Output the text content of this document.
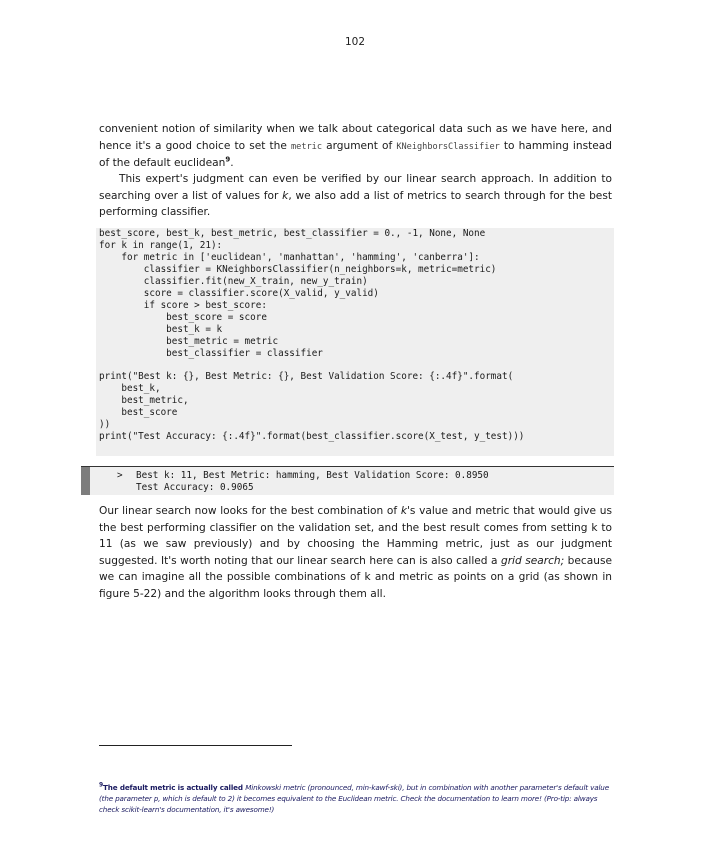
102

convenient notion of similarity when we talk about categorical data such as we have here, and hence it's a good choice to set the metric argument of KNeighborsClassifier to hamming instead of the default euclidean$^9$.

This expert's judgment can even be verified by our linear search approach. In addition to searching over a list of values for k, we also add a list of metrics to search through for the best performing classifier.

best_score, best_k, best_metric, best_classifier = 0., -1, None, None
for k in range(1, 21):
for metric in ['euclidean', 'manhattan', 'hamming', 'canberra']:
classifier = KNeighborsClassifier(n_neighbors=k, metric=metric)
classifier.fit(new_X_train, new_y_train)
score = classifier.score(X_valid, y_valid)
if score > best_score:
best_score = score
best_k = k
best_metric = metric
best_classifier = classifier

print("Best k: {}, Best Metric: {}, Best Validation Score: {:.4f}".format(
best_k,
best_metric,
best_score
))
print("Test Accuracy: {:.4f}".format(best_classifier.score(X_test, y_test)))
> Best k: 11, Best Metric: hamming, Best Validation Score: 0.8950
Test Accuracy: 0.9065

Our linear search now looks for the best combination of k's value and metric that would give us the best performing classifier on the validation set, and the best result comes from setting k to 11 (as we saw previously) and by choosing the Hamming metric, just as our judgment suggested. It's worth noting that our linear search here can is also called a grid search; because we can imagine all the possible combinations of k and metric as points on a grid (as shown in figure 5-22) and the algorithm looks through them all.

$^9$The default metric is actually called Minkowski metric (pronounced, min-kawf-ski), but in combination with another parameter's default value (the parameter p, which is default to 2) it becomes equivalent to the Euclidean metric. Check the documentation to learn more! (Pro-tip: always check scikit-learn's documentation, it's awesome!)
